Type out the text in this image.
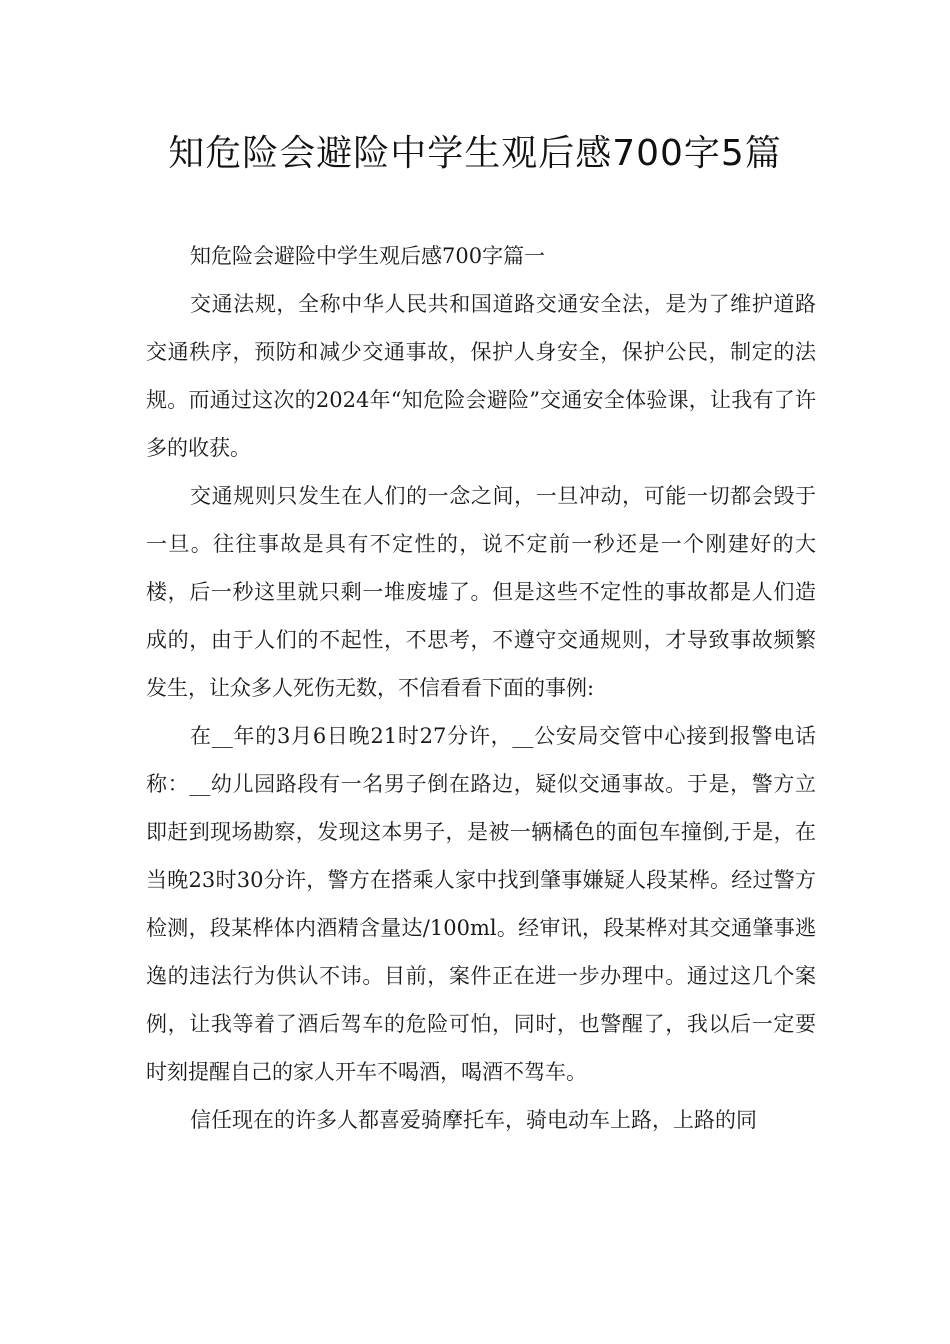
知危险会避险中学生观后感700字5篇

知危险会避险中学生观后感700字篇一

交通法规，全称中华人民共和国道路交通安全法，是为了维护道路交通秩序，预防和减少交通事故，保护人身安全，保护公民，制定的法规。而通过这次的2024年“知危险会避险”交通安全体验课，让我有了许多的收获。

交通规则只发生在人们的一念之间，一旦冲动，可能一切都会毁于一旦。往往事故是具有不定性的，说不定前一秒还是一个刚建好的大楼，后一秒这里就只剩一堆废墟了。但是这些不定性的事故都是人们造成的，由于人们的不起性，不思考，不遵守交通规则，才导致事故频繁发生，让众多人死伤无数，不信看看下面的事例:

在__年的3月6日晚21时27分许，__公安局交管中心接到报警电话称：__幼儿园路段有一名男子倒在路边，疑似交通事故。于是，警方立即赶到现场勘察，发现这本男子，是被一辆橘色的面包车撞倒,于是，在当晚23时30分许，警方在搭乘人家中找到肇事嫌疑人段某桦。经过警方检测，段某桦体内酒精含量达/100ml。经审讯，段某桦对其交通肇事逃逸的违法行为供认不讳。目前，案件正在进一步办理中。通过这几个案例，让我等着了酒后驾车的危险可怕，同时，也警醒了，我以后一定要时刻提醒自己的家人开车不喝酒，喝酒不驾车。

信任现在的许多人都喜爱骑摩托车，骑电动车上路，上路的同
